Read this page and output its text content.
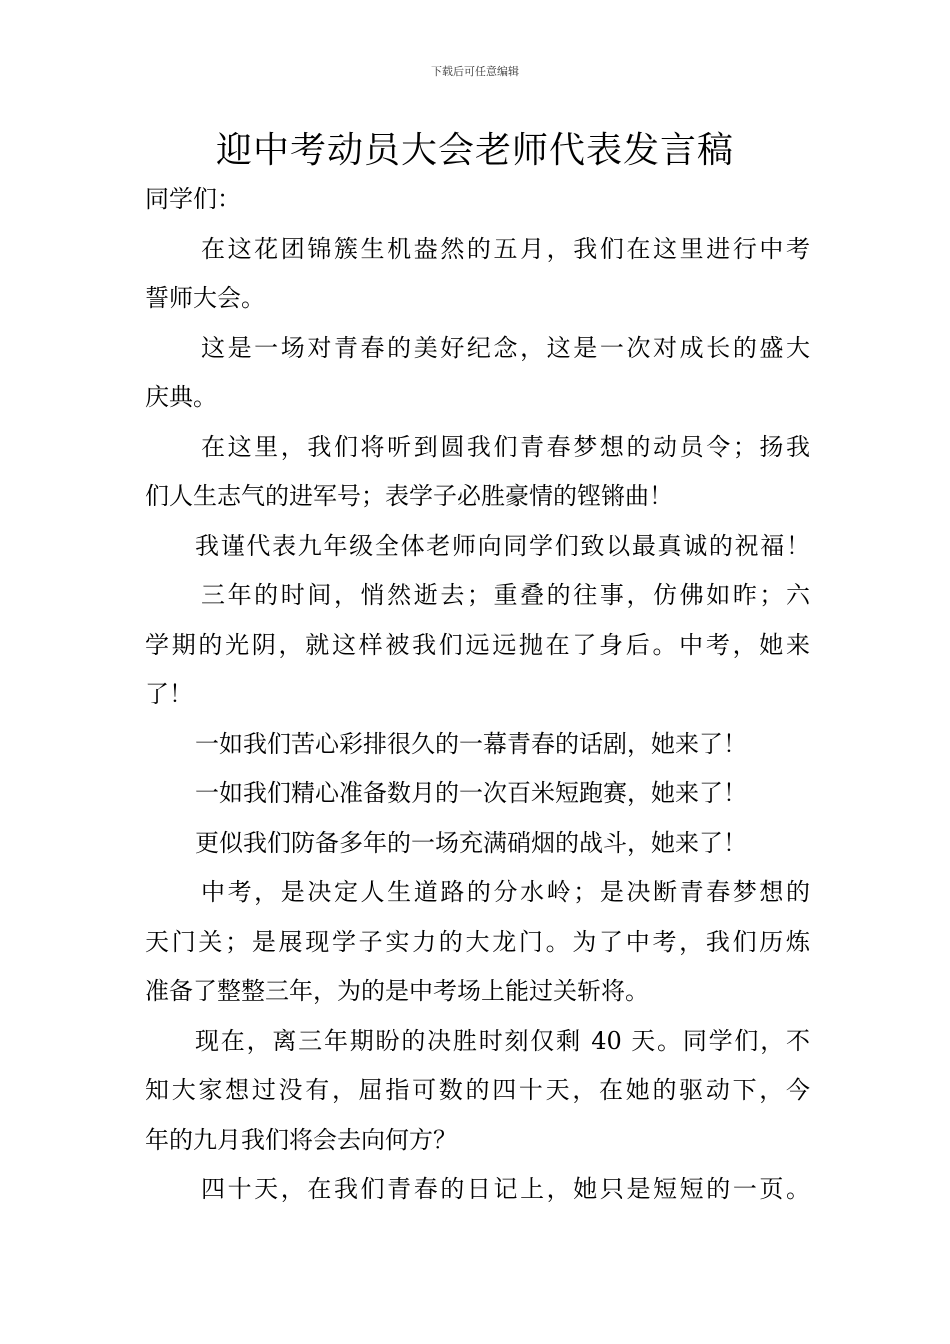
下载后可任意编辑
迎中考动员大会老师代表发言稿
同学们：
在这花团锦簇生机盎然的五月，我们在这里进行中考
誓师大会。
这是一场对青春的美好纪念，这是一次对成长的盛大
庆典。
在这里，我们将听到圆我们青春梦想的动员令；扬我
们人生志气的进军号；表学子必胜豪情的铿锵曲！
我谨代表九年级全体老师向同学们致以最真诚的祝福！
三年的时间，悄然逝去；重叠的往事，仿佛如昨；六
学期的光阴，就这样被我们远远抛在了身后。中考，她来
了！
一如我们苦心彩排很久的一幕青春的话剧，她来了！
一如我们精心准备数月的一次百米短跑赛，她来了！
更似我们防备多年的一场充满硝烟的战斗，她来了！
中考，是决定人生道路的分水岭；是决断青春梦想的
天门关；是展现学子实力的大龙门。为了中考，我们历炼
准备了整整三年，为的是中考场上能过关斩将。
现在，离三年期盼的决胜时刻仅剩 40 天。同学们，不
知大家想过没有，屈指可数的四十天，在她的驱动下，今
年的九月我们将会去向何方？
四十天，在我们青春的日记上，她只是短短的一页。
